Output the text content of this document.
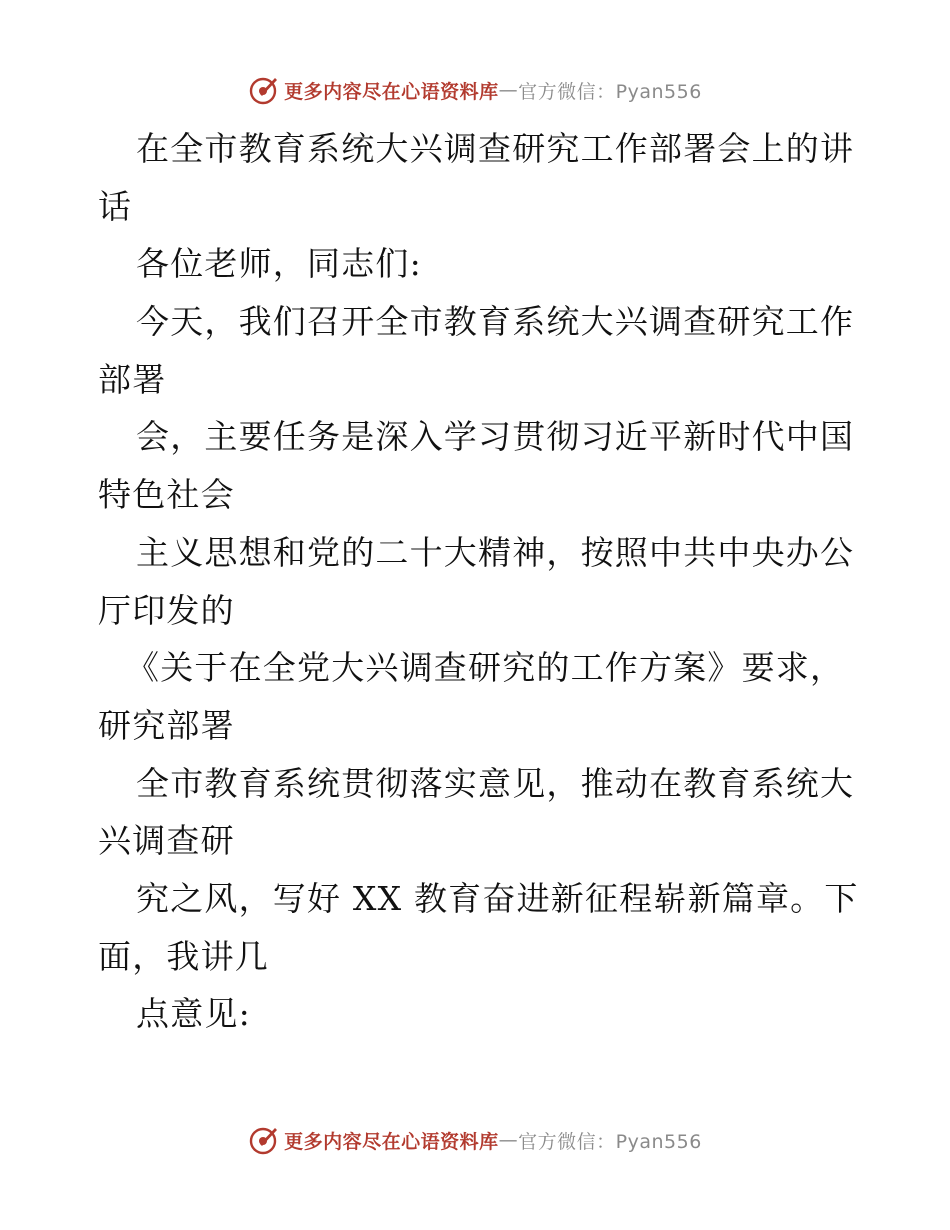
更多内容尽在心语资料库 — 官方微信：Pyan556
在全市教育系统大兴调查研究工作部署会上的讲
话
各位老师，同志们:
今天，我们召开全市教育系统大兴调查研究工作
部署
会，主要任务是深入学习贯彻习近平新时代中国
特色社会
主义思想和党的二十大精神，按照中共中央办公
厅印发的
《关于在全党大兴调查研究的工作方案》要求，
研究部署
全市教育系统贯彻落实意见，推动在教育系统大
兴调查研
究之风，写好 XX 教育奋进新征程崭新篇章。下
面，我讲几
点意见:
更多内容尽在心语资料库 — 官方微信：Pyan556
